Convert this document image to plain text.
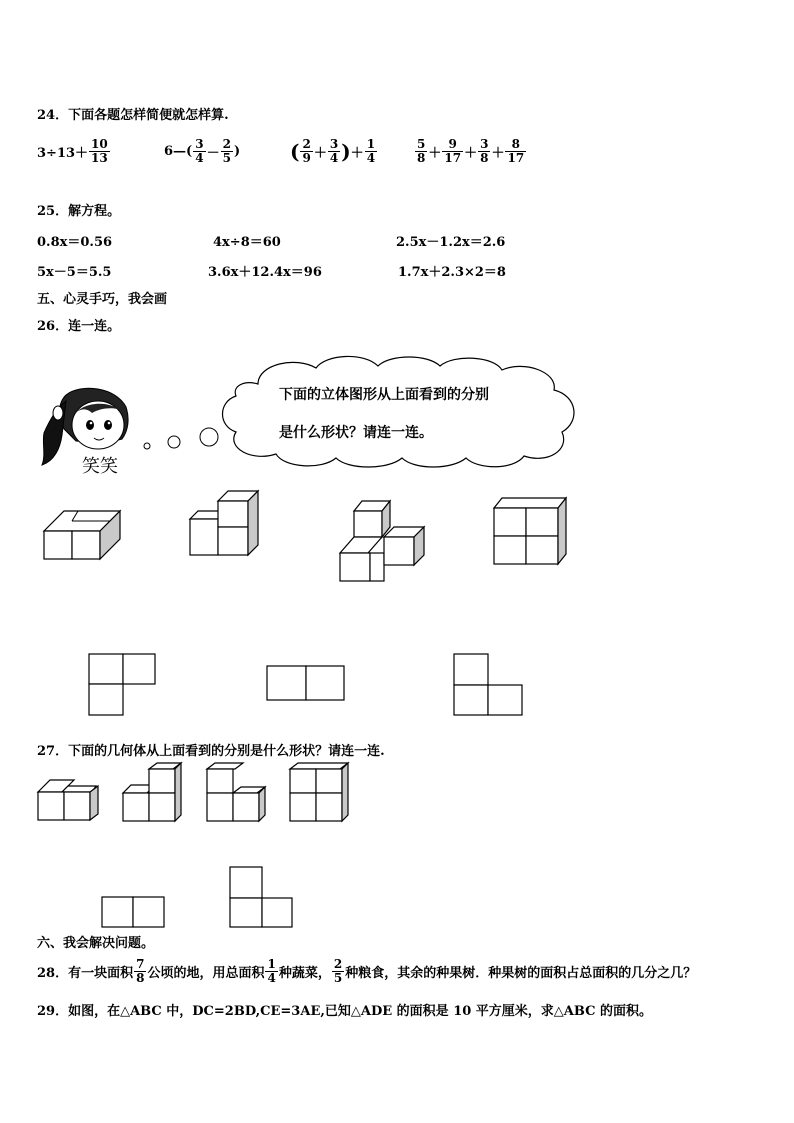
24．下面各题怎样简便就怎样算.
$3\div 13+ \frac{10}{13}$	6—( $\frac{3}{4} - \frac{2}{5}$ ) ( $\frac{2}{9} + \frac{3}{4}$ )＋ $\frac{1}{4}$	$\frac{5}{8} + \frac{9}{17} + \frac{3}{8} + \frac{8}{17}$
25．解方程。
0.8x＝0.56	4x÷8＝60	2.5x－1.2x＝2.6
5x－5＝5.5	3.6x＋12.4x＝96	1.7x＋2.3×2＝8
五、心灵手巧，我会画
26．连一连。
笑笑
下面的立体图形从上面看到的分别
是什么形状？请连一连。
27．下面的几何体从上面看到的分别是什么形状？请连一连.
六、我会解决问题。
28．有一块面积 $\frac{7}{8}$ 公顷的地，用总面积 $\frac{1}{4}$ 种蔬菜， $\frac{2}{5}$ 种粮食，其余的种果树．种果树的面积占总面积的几分之几？
29．如图，在△ABC 中，DC=2BD,CE=3AE,已知△ADE 的面积是 10 平方厘米，求△ABC 的面积。
